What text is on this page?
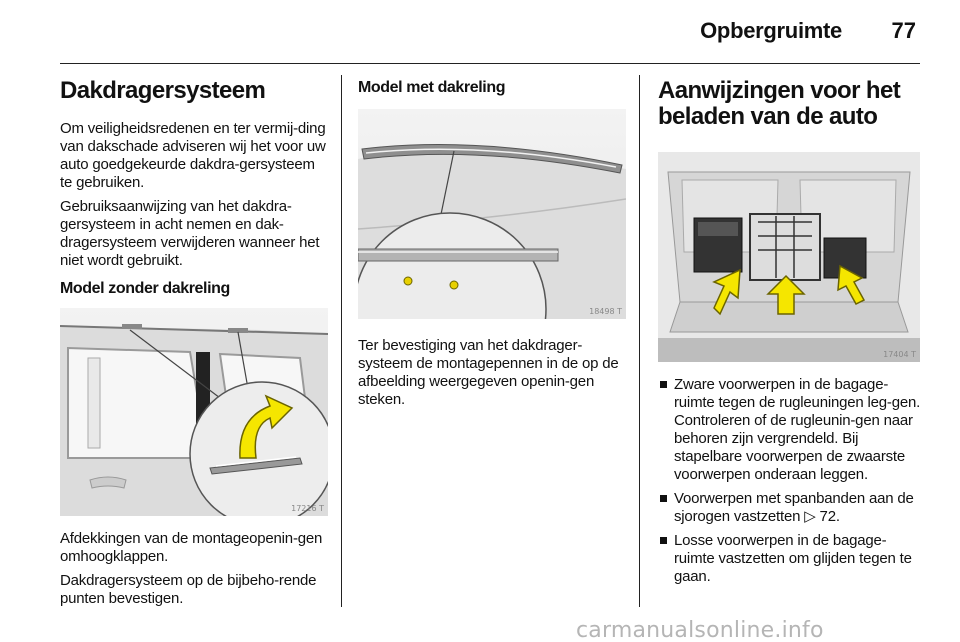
Opbergruimte 77
Dakdragersysteem

Om veiligheidsredenen en ter vermij-ding van dakschade adviseren wij het voor uw auto goedgekeurde dakdra-gersysteem te gebruiken.

Gebruiksaanwijzing van het dakdra-gersysteem in acht nemen en dak-dragersysteem verwijderen wanneer het niet wordt gebruikt.

Model zonder dakreling
17216 T

Afdekkingen van de montageopenin-gen omhoogklappen.

Dakdragersysteem op de bijbeho-rende punten bevestigen.

Model met dakreling
18498 T

Ter bevestiging van het dakdrager-systeem de montagepennen in de op de afbeelding weergegeven openin-gen steken.

Aanwijzingen voor het
beladen van de auto
17404 T
Zware voorwerpen in de bagage-ruimte tegen de rugleuningen leg-gen. Controleren of de rugleunin-gen naar behoren zijn vergrendeld. Bij stapelbare voorwerpen de zwaarste voorwerpen onderaan leggen.
Voorwerpen met spanbanden aan de sjorogen vastzetten ▷ 72.
Losse voorwerpen in de bagage-ruimte vastzetten om glijden tegen te gaan.
carmanualsonline.info
